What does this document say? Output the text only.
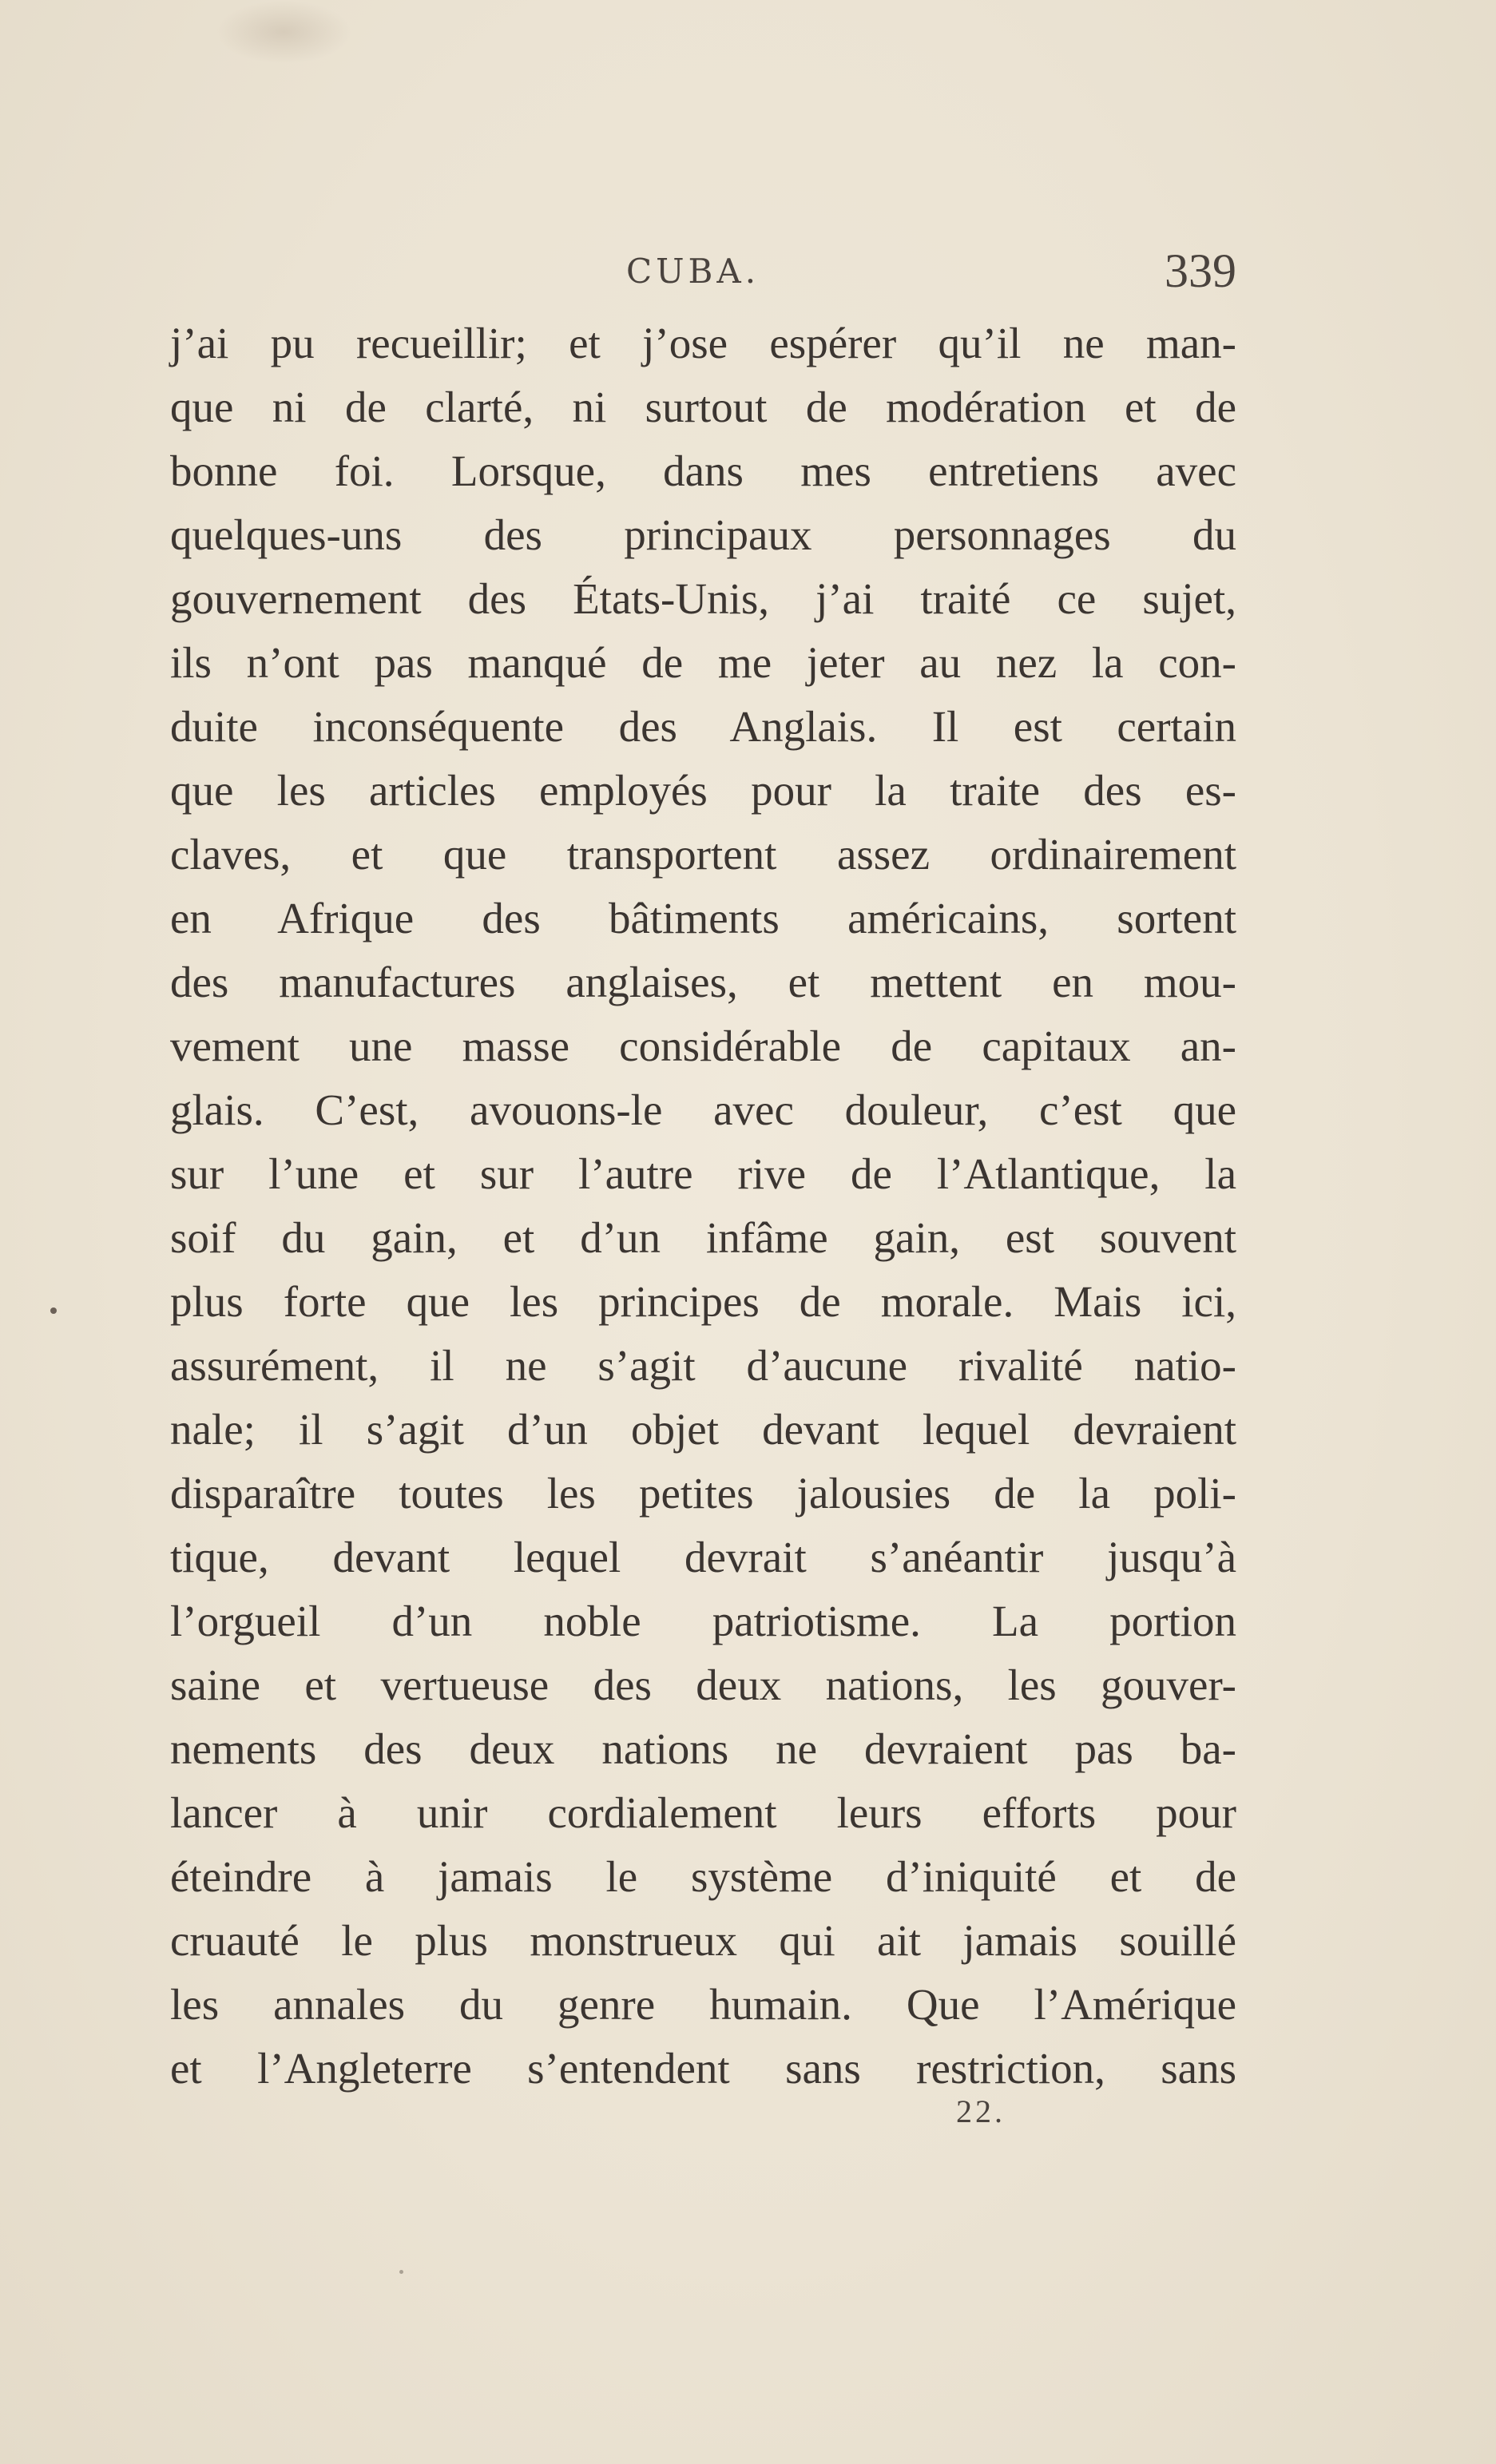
CUBA.	339
j’ai pu recueillir; et j’ose espérer qu’il ne man-
que ni de clarté, ni surtout de modération et de
bonne foi. Lorsque, dans mes entretiens avec
quelques-uns des principaux personnages du
gouvernement des États-Unis, j’ai traité ce sujet,
ils n’ont pas manqué de me jeter au nez la con-
duite inconséquente des Anglais. Il est certain
que les articles employés pour la traite des es-
claves, et que transportent assez ordinairement
en Afrique des bâtiments américains, sortent
des manufactures anglaises, et mettent en mou-
vement une masse considérable de capitaux an-
glais. C’est, avouons-le avec douleur, c’est que
sur l’une et sur l’autre rive de l’Atlantique, la
soif du gain, et d’un infâme gain, est souvent
plus forte que les principes de morale. Mais ici,
assurément, il ne s’agit d’aucune rivalité natio-
nale; il s’agit d’un objet devant lequel devraient
disparaître toutes les petites jalousies de la poli-
tique, devant lequel devrait s’anéantir jusqu’à
l’orgueil d’un noble patriotisme. La portion
saine et vertueuse des deux nations, les gouver-
nements des deux nations ne devraient pas ba-
lancer à unir cordialement leurs efforts pour
éteindre à jamais le système d’iniquité et de
cruauté le plus monstrueux qui ait jamais souillé
les annales du genre humain. Que l’Amérique
et l’Angleterre s’entendent sans restriction, sans
22.
